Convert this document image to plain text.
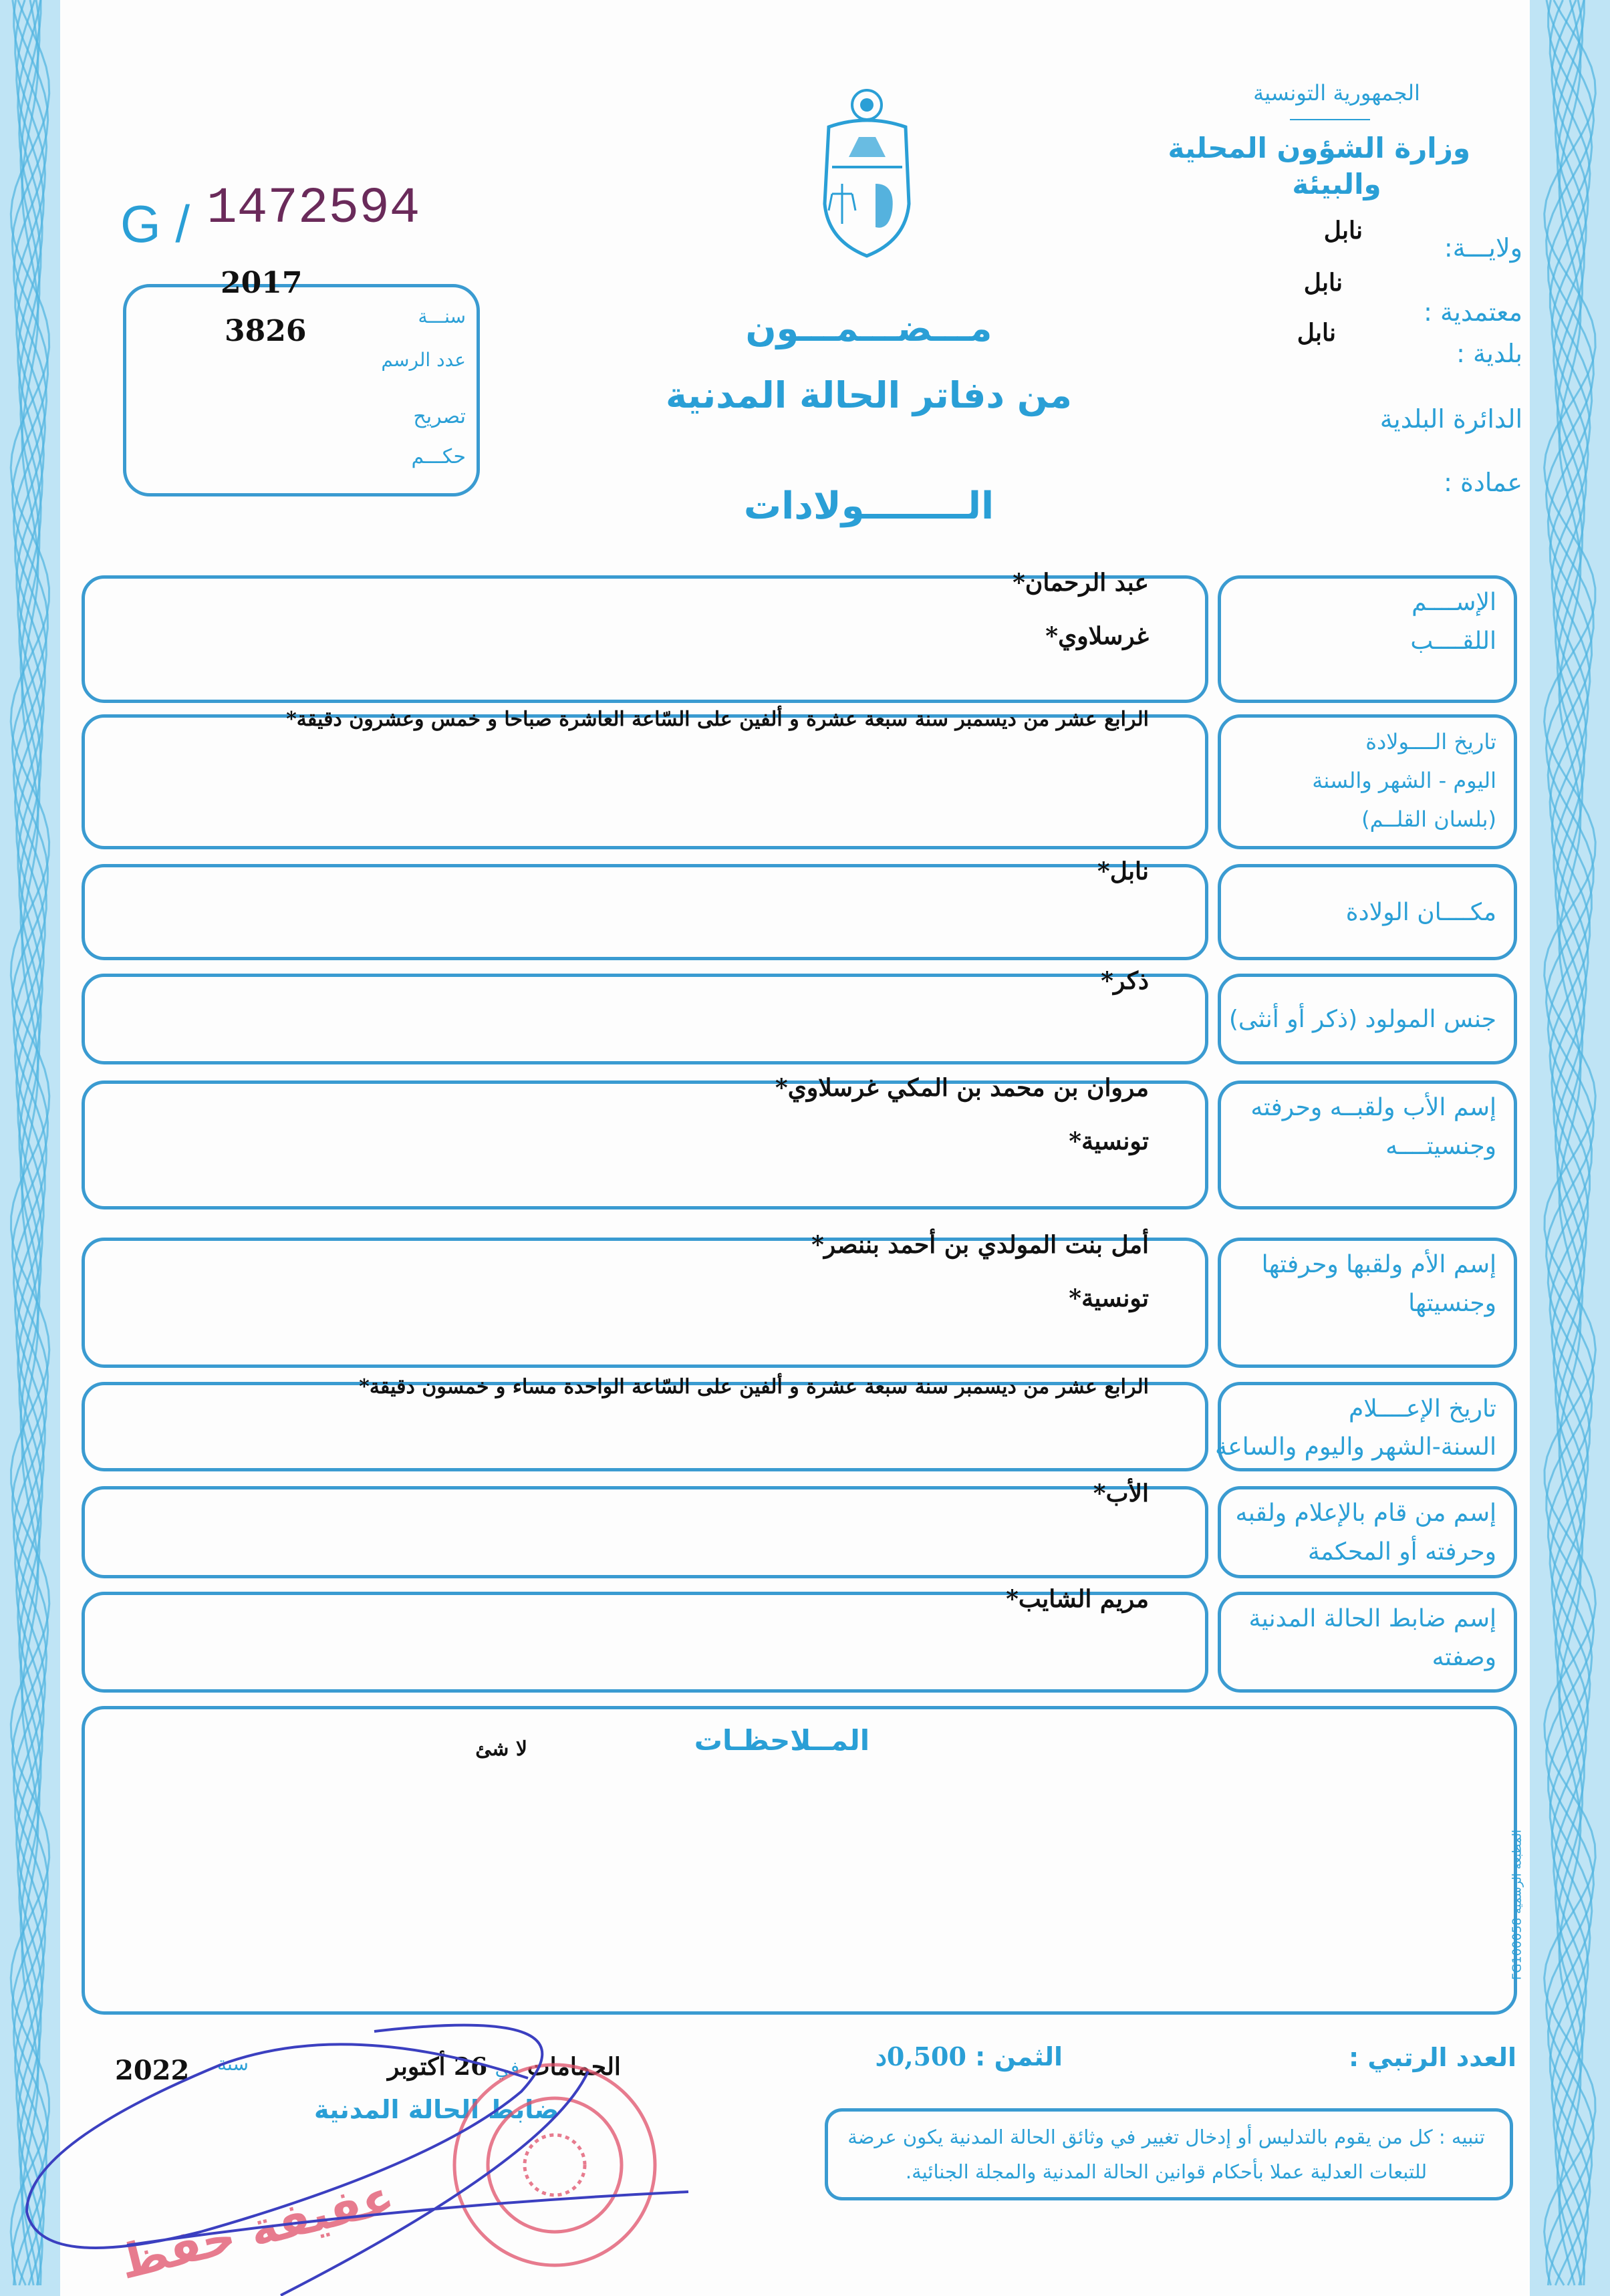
G / 1472594
2017
3826	سنـــة
عدد الرسم
تصريح
حكـــم
الجمهورية التونسية
وزارة الشؤون المحلية
والبيئة
ولايـــة:
نابل
نابل
معتمدية :
نابل
بلدية :
الدائرة البلدية
عمادة :
مـــضـــمـــون
من دفاتر الحالة المدنية
الــــــــولادات
الإســــم
اللقــــب
عبد الرحمان*
غرسلاوي*
تاريخ الــــولادة
اليوم - الشهر والسنة
(بلسان القلــم)
الرابع عشر من ديسمبر سنة سبعة عشرة و ألفين على السّاعة العاشرة صباحا و خمس وعشرون دقيقة*
مكــــان الولادة
نابل*
جنس المولود (ذكر أو أنثى)
ذكر*
إسم الأب ولقبــه وحرفته
وجنسيتــــه
مروان بن محمد بن المكي غرسلاوي*
تونسية*
إسم الأم ولقبها وحرفتها
وجنسيتها
أمل بنت المولدي بن أحمد بننصر*
تونسية*
تاريخ الإعــــلام
السنة-الشهر واليوم والساعة
الرابع عشر من ديسمبر سنة سبعة عشرة و ألفين على السّاعة الواحدة مساء و خمسون دقيقة*
إسم من قام بالإعلام ولقبه
وحرفته أو المحكمة
الأب*
إسم ضابط الحالة المدنية
وصفته
مريم الشايب*
المــلاحظـات
لا شئ
المطبعة الرسمية FG100058
2022 سنة	الحمامات في 26 أكتوبر
ضابط الحالة المدنية
العدد الرتبي :
الثمن : 0,500د
تنبيه : كل من يقوم بالتدليس أو إدخال تغيير في وثائق الحالة المدنية يكون عرضة للتبعات العدلية عملا بأحكام قوانين الحالة المدنية والمجلة الجنائية.
عفيفة حفظ
